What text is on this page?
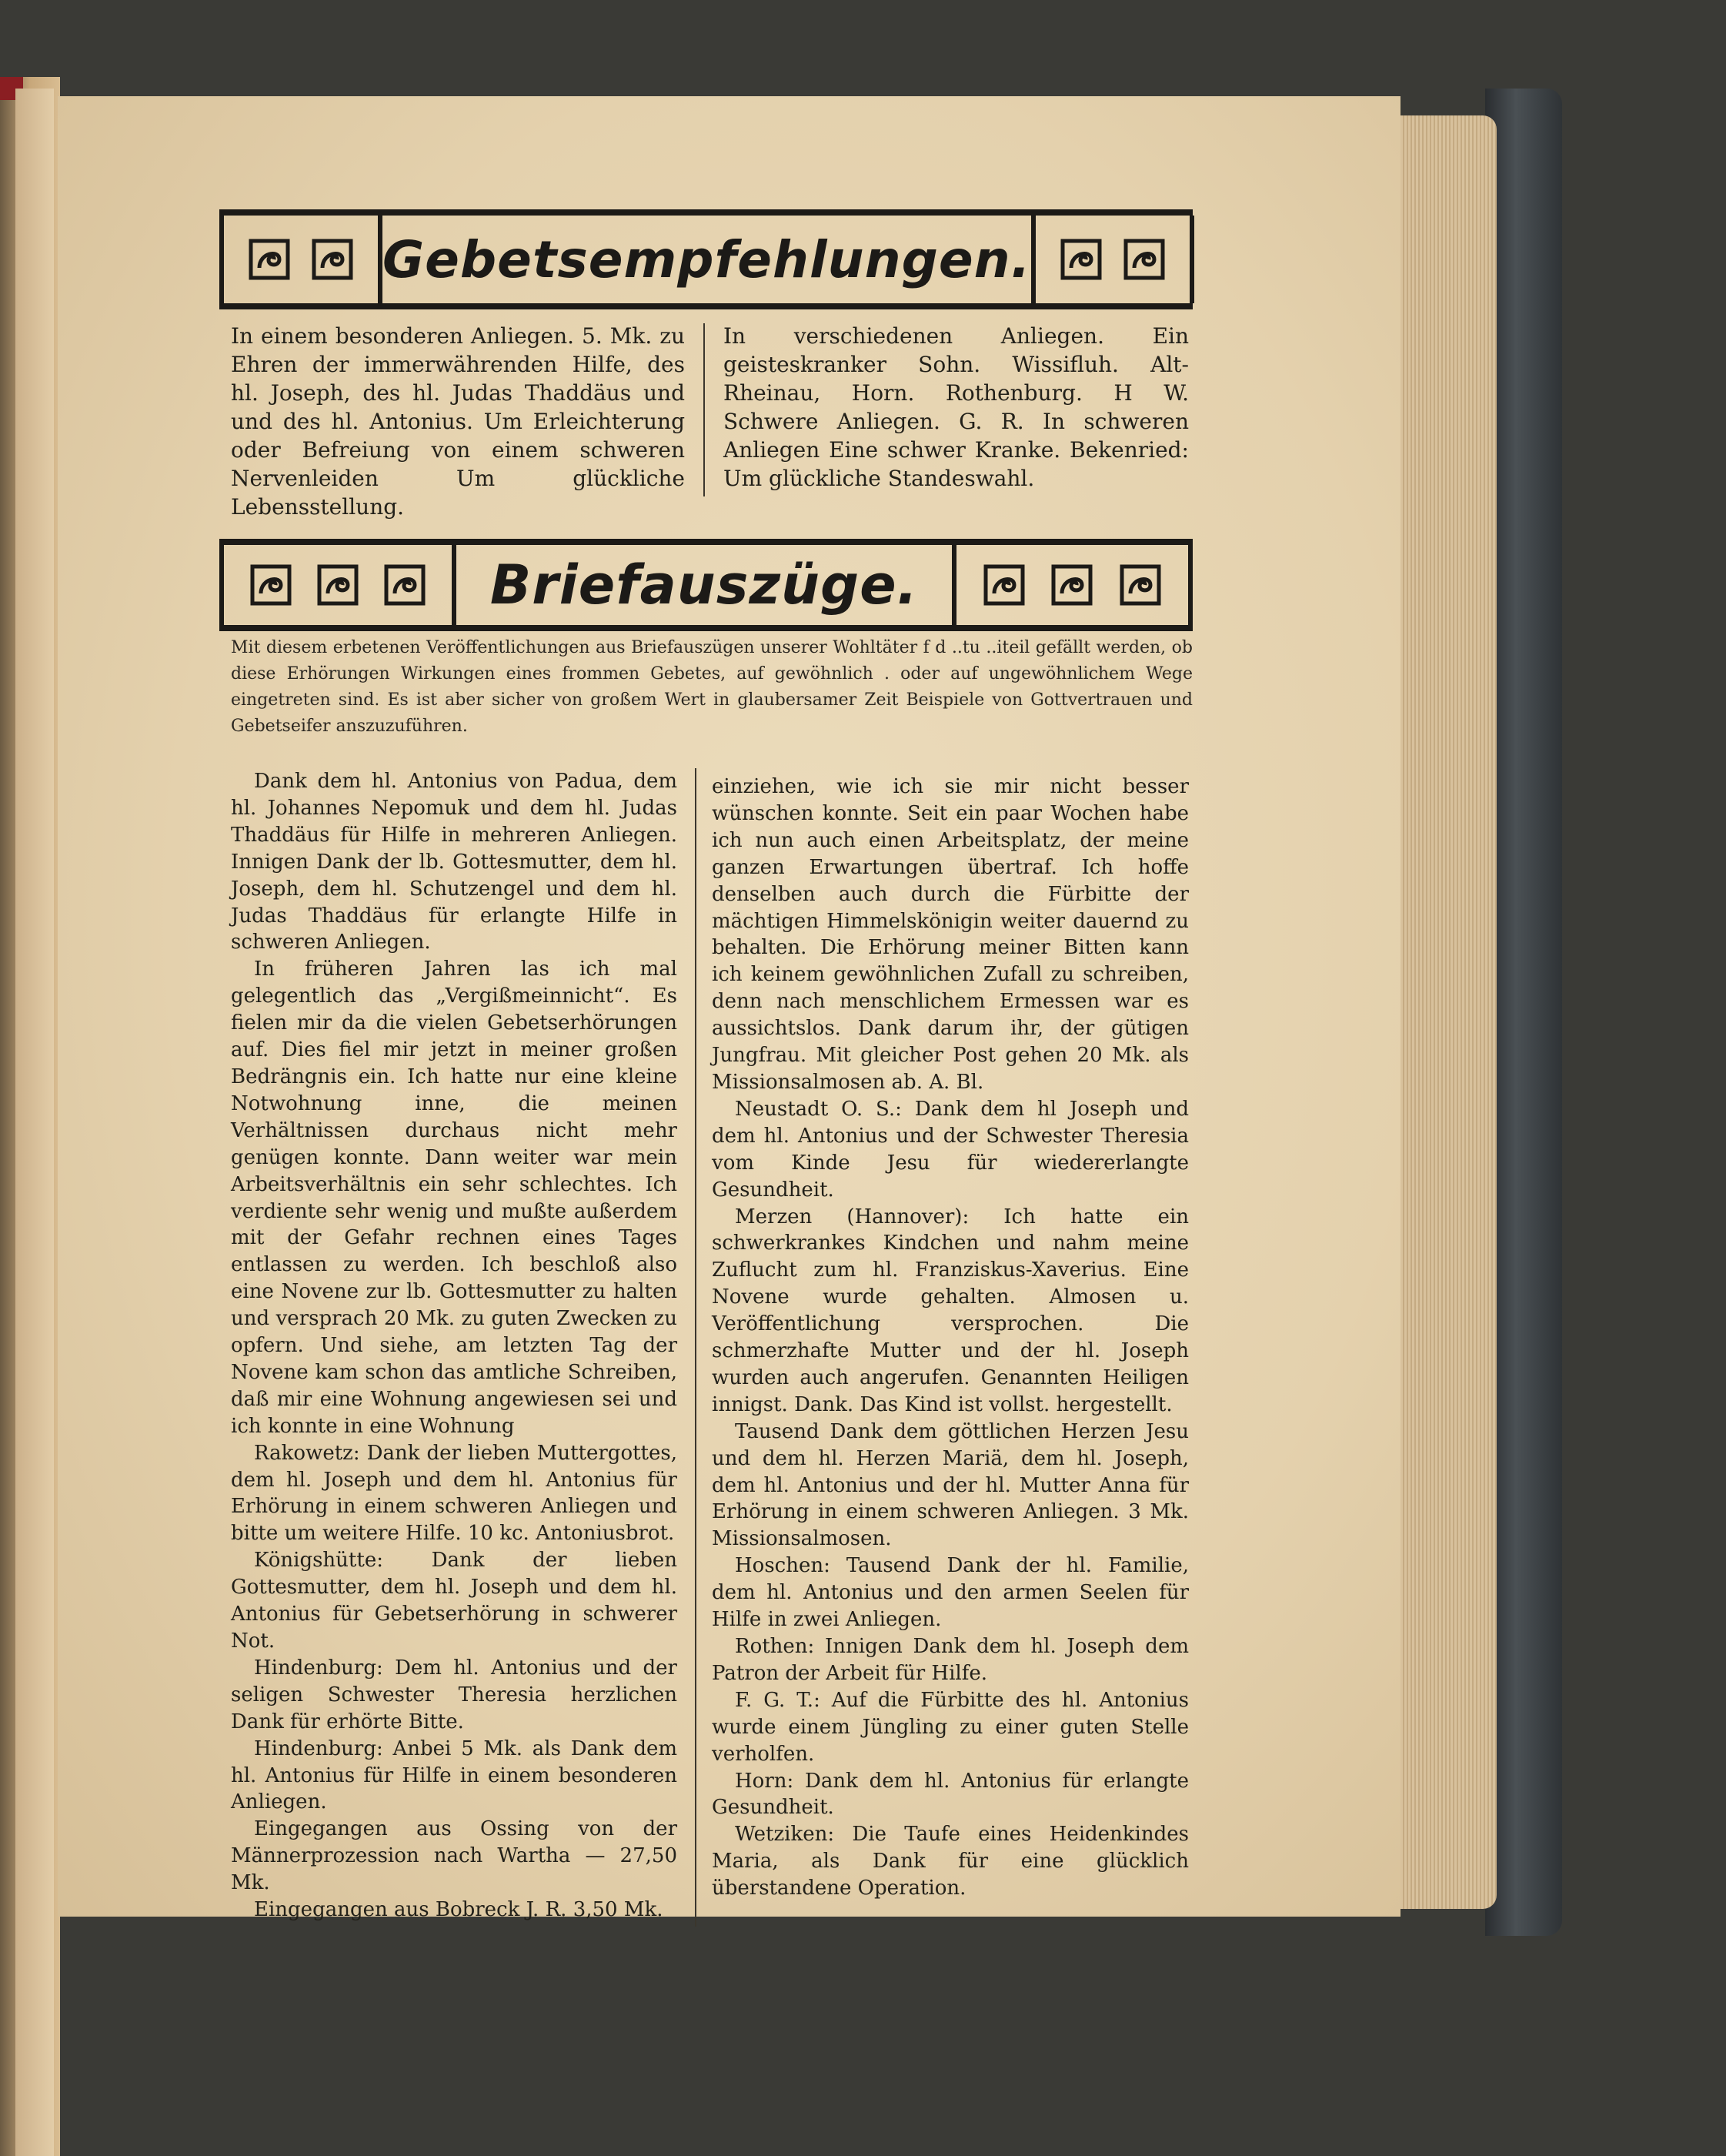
Gebetsempfehlungen.

In einem besonderen Anliegen. 5. Mk. zu Ehren der immerwährenden Hilfe, des hl. Joseph, des hl. Judas Thaddäus und und des hl. Antonius. Um Erleichterung oder Befreiung von einem schweren Nervenleiden Um glückliche Lebensstellung.

In verschiedenen Anliegen. Ein geisteskranker Sohn. Wissifluh. Alt-Rheinau, Horn. Rothenburg. H W. Schwere Anliegen. G. R. In schweren Anliegen Eine schwer Kranke. Bekenried: Um glückliche Standeswahl.

Briefauszüge.
Mit diesem erbetenen Veröffentlichungen aus Briefauszügen unserer Wohltäter f d ..tu ..iteil gefällt werden, ob diese Erhörungen Wirkungen eines frommen Gebetes, auf gewöhnlich . oder auf ungewöhnlichem Wege eingetreten sind. Es ist aber sicher von großem Wert in glaubersamer Zeit Beispiele von Gottvertrauen und Gebetseifer anszuzuführen.

Dank dem hl. Antonius von Padua, dem hl. Johannes Nepomuk und dem hl. Judas Thaddäus für Hilfe in mehreren Anliegen. Innigen Dank der lb. Gottesmutter, dem hl. Joseph, dem hl. Schutzengel und dem hl. Judas Thaddäus für erlangte Hilfe in schweren Anliegen.

In früheren Jahren las ich mal gelegentlich das „Vergißmeinnicht“. Es fielen mir da die vielen Gebetserhörungen auf. Dies fiel mir jetzt in meiner großen Bedrängnis ein. Ich hatte nur eine kleine Notwohnung inne, die meinen Verhältnissen durchaus nicht mehr genügen konnte. Dann weiter war mein Arbeitsverhältnis ein sehr schlechtes. Ich verdiente sehr wenig und mußte außerdem mit der Gefahr rechnen eines Tages entlassen zu werden. Ich beschloß also eine Novene zur lb. Gottesmutter zu halten und versprach 20 Mk. zu guten Zwecken zu opfern. Und siehe, am letzten Tag der Novene kam schon das amtliche Schreiben, daß mir eine Wohnung angewiesen sei und ich konnte in eine Wohnung

Rakowetz: Dank der lieben Muttergottes, dem hl. Joseph und dem hl. Antonius für Erhörung in einem schweren Anliegen und bitte um weitere Hilfe. 10 kc. Antoniusbrot.

Königshütte: Dank der lieben Gottesmutter, dem hl. Joseph und dem hl. Antonius für Gebetserhörung in schwerer Not.

Hindenburg: Dem hl. Antonius und der seligen Schwester Theresia herzlichen Dank für erhörte Bitte.

Hindenburg: Anbei 5 Mk. als Dank dem hl. Antonius für Hilfe in einem besonderen Anliegen.

Eingegangen aus Ossing von der Männerprozession nach Wartha — 27,50 Mk.

Eingegangen aus Bobreck J. R. 3,50 Mk.

einziehen, wie ich sie mir nicht besser wünschen konnte. Seit ein paar Wochen habe ich nun auch einen Arbeitsplatz, der meine ganzen Erwartungen übertraf. Ich hoffe denselben auch durch die Fürbitte der mächtigen Himmelskönigin weiter dauernd zu behalten. Die Erhörung meiner Bitten kann ich keinem gewöhnlichen Zufall zu schreiben, denn nach menschlichem Ermessen war es aussichtslos. Dank darum ihr, der gütigen Jungfrau. Mit gleicher Post gehen 20 Mk. als Missionsalmosen ab. A. Bl.

Neustadt O. S.: Dank dem hl Joseph und dem hl. Antonius und der Schwester Theresia vom Kinde Jesu für wiedererlangte Gesundheit.

Merzen (Hannover): Ich hatte ein schwerkrankes Kindchen und nahm meine Zuflucht zum hl. Franziskus-Xaverius. Eine Novene wurde gehalten. Almosen u. Veröffentlichung versprochen. Die schmerzhafte Mutter und der hl. Joseph wurden auch angerufen. Genannten Heiligen innigst. Dank. Das Kind ist vollst. hergestellt.

Tausend Dank dem göttlichen Herzen Jesu und dem hl. Herzen Mariä, dem hl. Joseph, dem hl. Antonius und der hl. Mutter Anna für Erhörung in einem schweren Anliegen. 3 Mk. Missionsalmosen.

Hoschen: Tausend Dank der hl. Familie, dem hl. Antonius und den armen Seelen für Hilfe in zwei Anliegen.

Rothen: Innigen Dank dem hl. Joseph dem Patron der Arbeit für Hilfe.

F. G. T.: Auf die Fürbitte des hl. Antonius wurde einem Jüngling zu einer guten Stelle verholfen.

Horn: Dank dem hl. Antonius für erlangte Gesundheit.

Wetziken: Die Taufe eines Heidenkindes Maria, als Dank für eine glücklich überstandene Operation.
